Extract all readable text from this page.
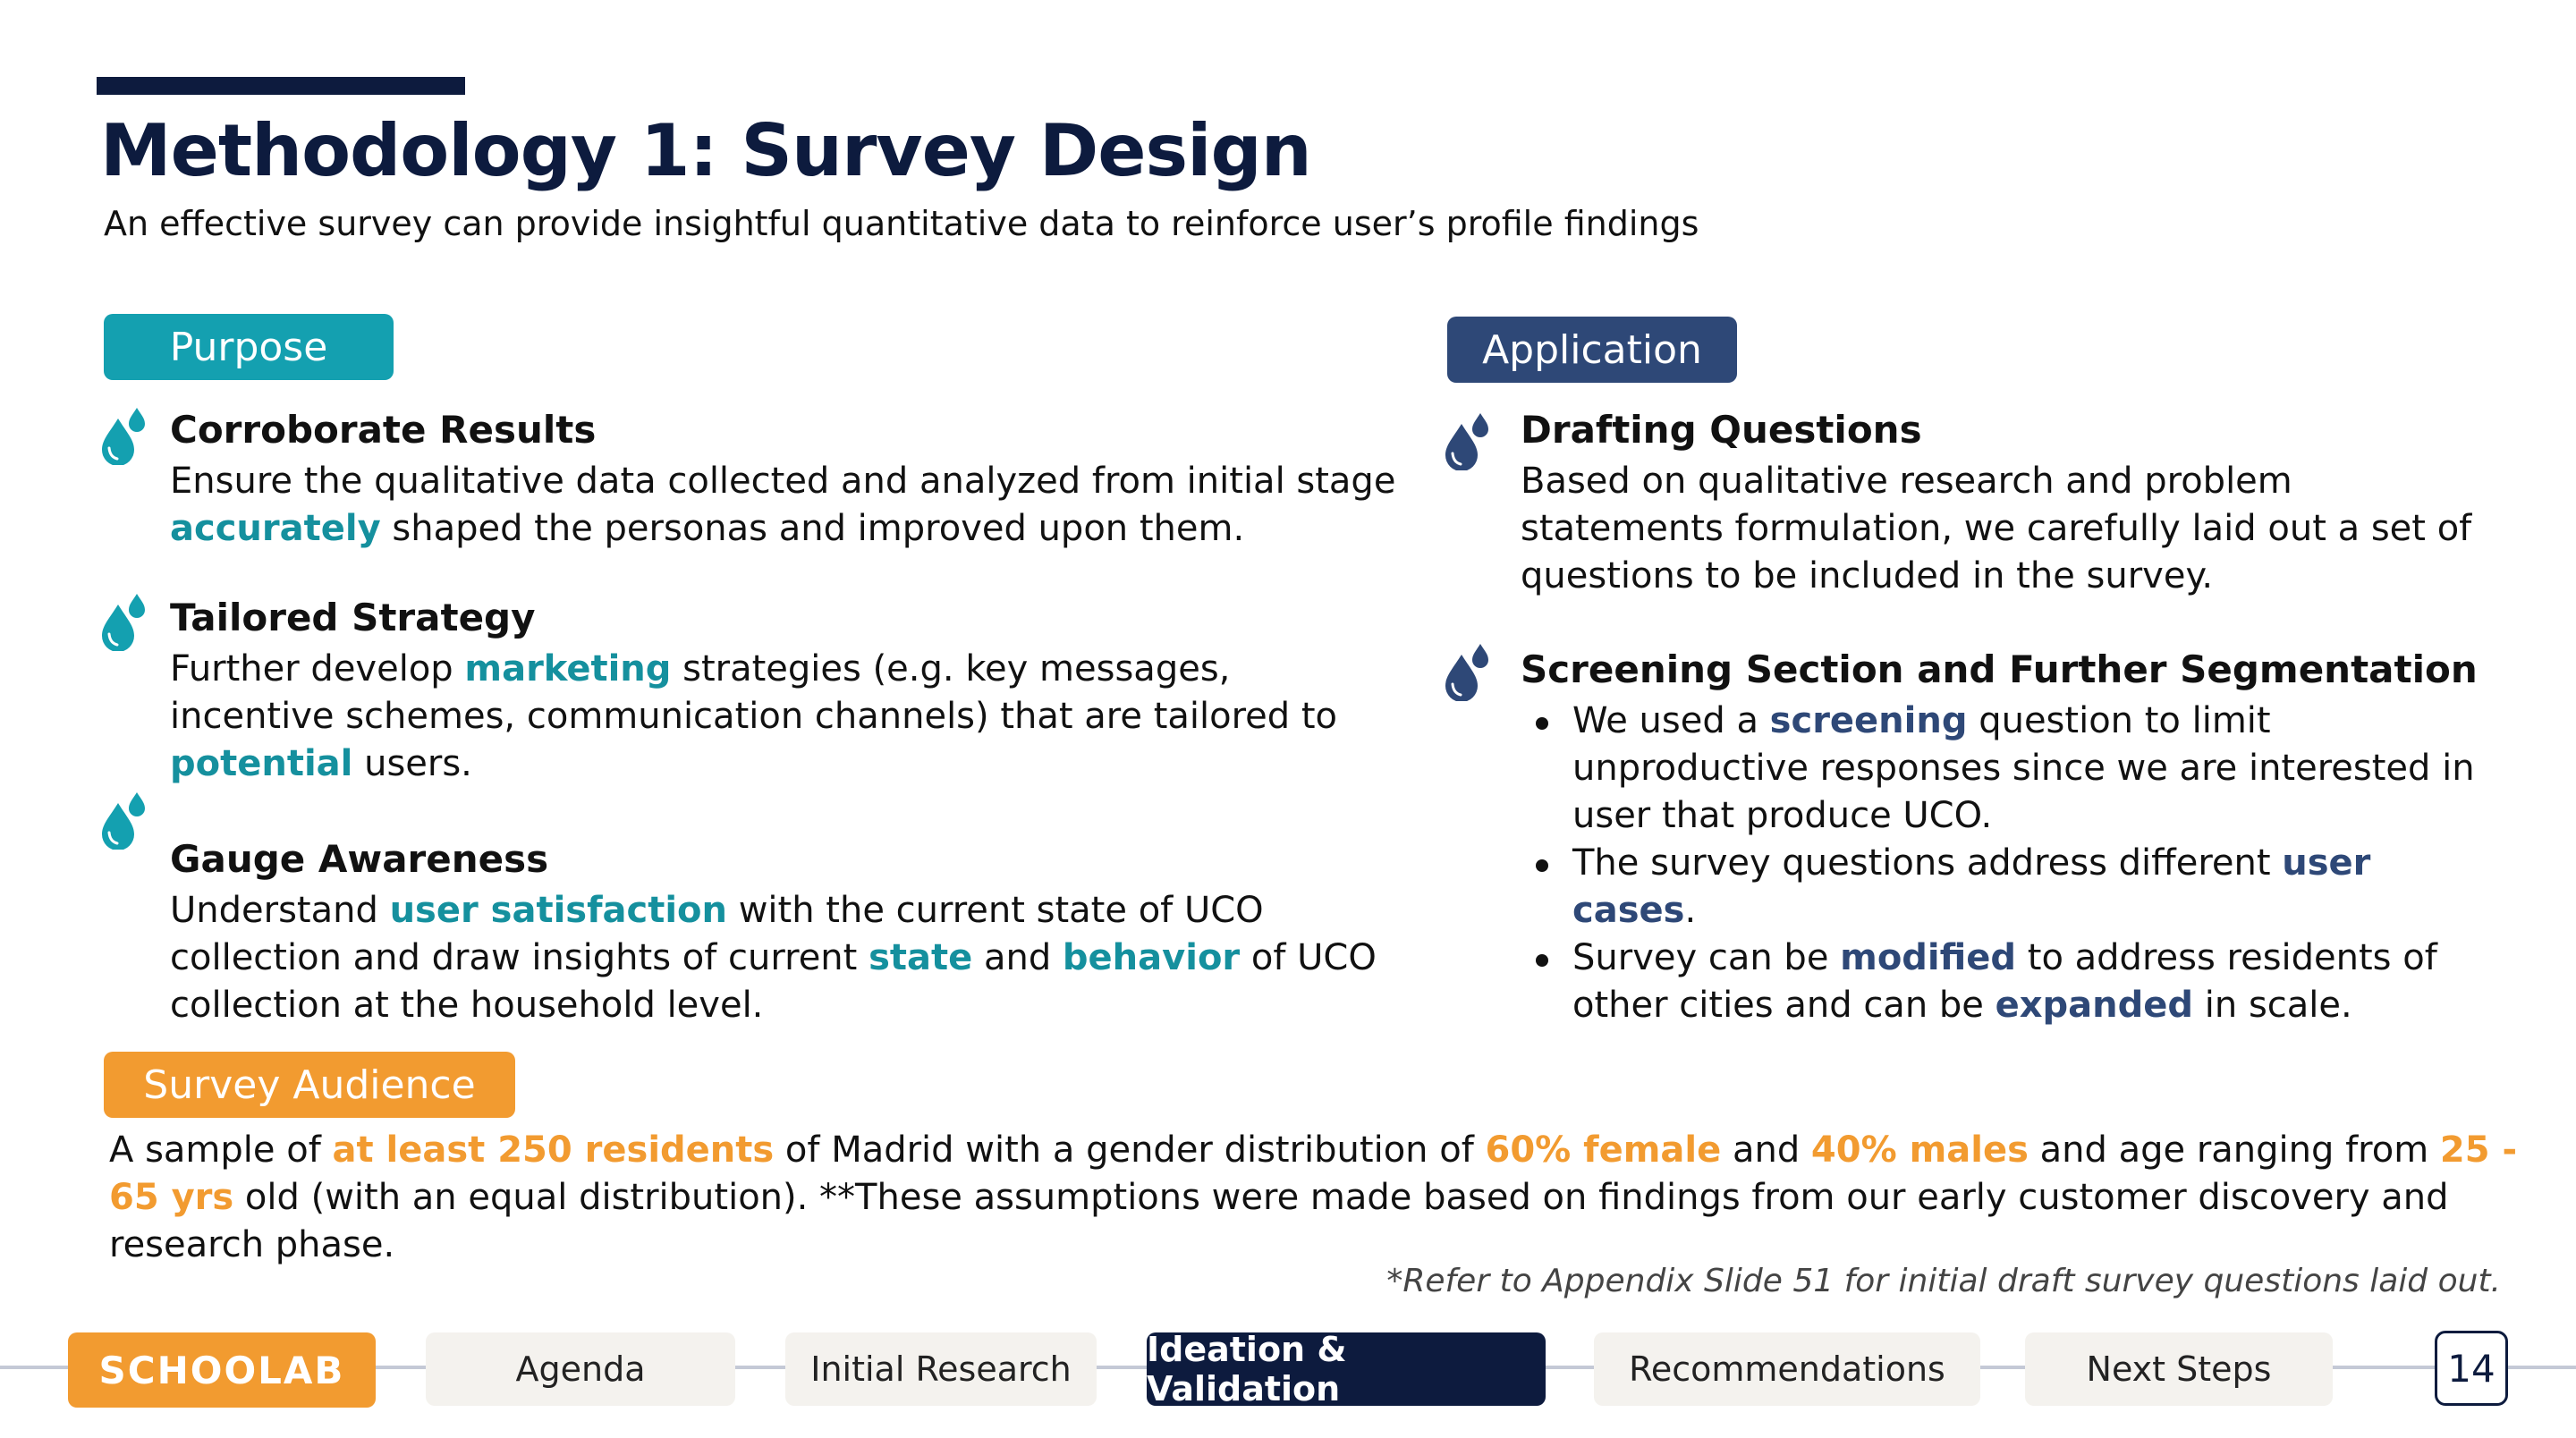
Methodology 1: Survey Design
An effective survey can provide insightful quantitative data to reinforce user’s profile findings
Purpose
Corroborate Results
Ensure the qualitative data collected and analyzed from initial stage accurately shaped the personas and improved upon them.
Tailored Strategy
Further develop marketing strategies (e.g. key messages, incentive schemes, communication channels) that are tailored to potential users.
Gauge Awareness
Understand user satisfaction with the current state of UCO collection and draw insights of current state and behavior of UCO collection at the household level.
Application
Drafting Questions
Based on qualitative research and problem statements formulation, we carefully laid out a set of questions to be included in the survey.
Screening Section and Further Segmentation
We used a screening question to limit unproductive responses since we are interested in user that produce UCO.
The survey questions address different user cases.
Survey can be modified to address residents of other cities and can be expanded in scale.
Survey Audience
A sample of at least 250 residents of Madrid with a gender distribution of 60% female and 40% males and age ranging from 25 - 65 yrs old (with an equal distribution). **These assumptions were made based on findings from our early customer discovery and research phase.
*Refer to Appendix Slide 51 for initial draft survey questions laid out.
SCHOOLAB	Agenda	Initial Research	Ideation & Validation	Recommendations	Next Steps	14
